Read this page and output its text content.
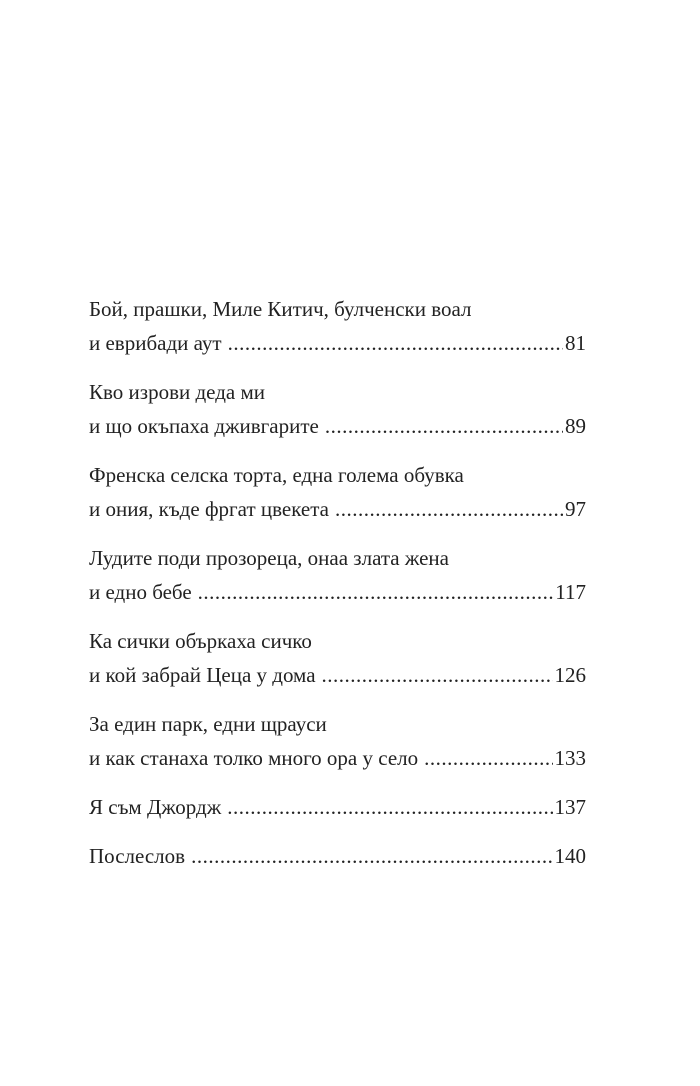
Бой, прашки, Миле Китич, булченски воал
и еврибади аут .....	81
Кво изрови деда ми
и що окъпаха дживгарите .....	89
Френска селска торта, една голема обувка
и ония, къде фргат цвекета .....	97
Лудите поди прозореца, онаа злата жена
и едно бебе .....	117
Ка сички объркаха сичко
и кой забрай Цеца у дома .....	126
За един парк, едни щрауси
и как станаха толко много ора у село .....	133
Я съм Джордж .....	137
Послеслов .....	140
